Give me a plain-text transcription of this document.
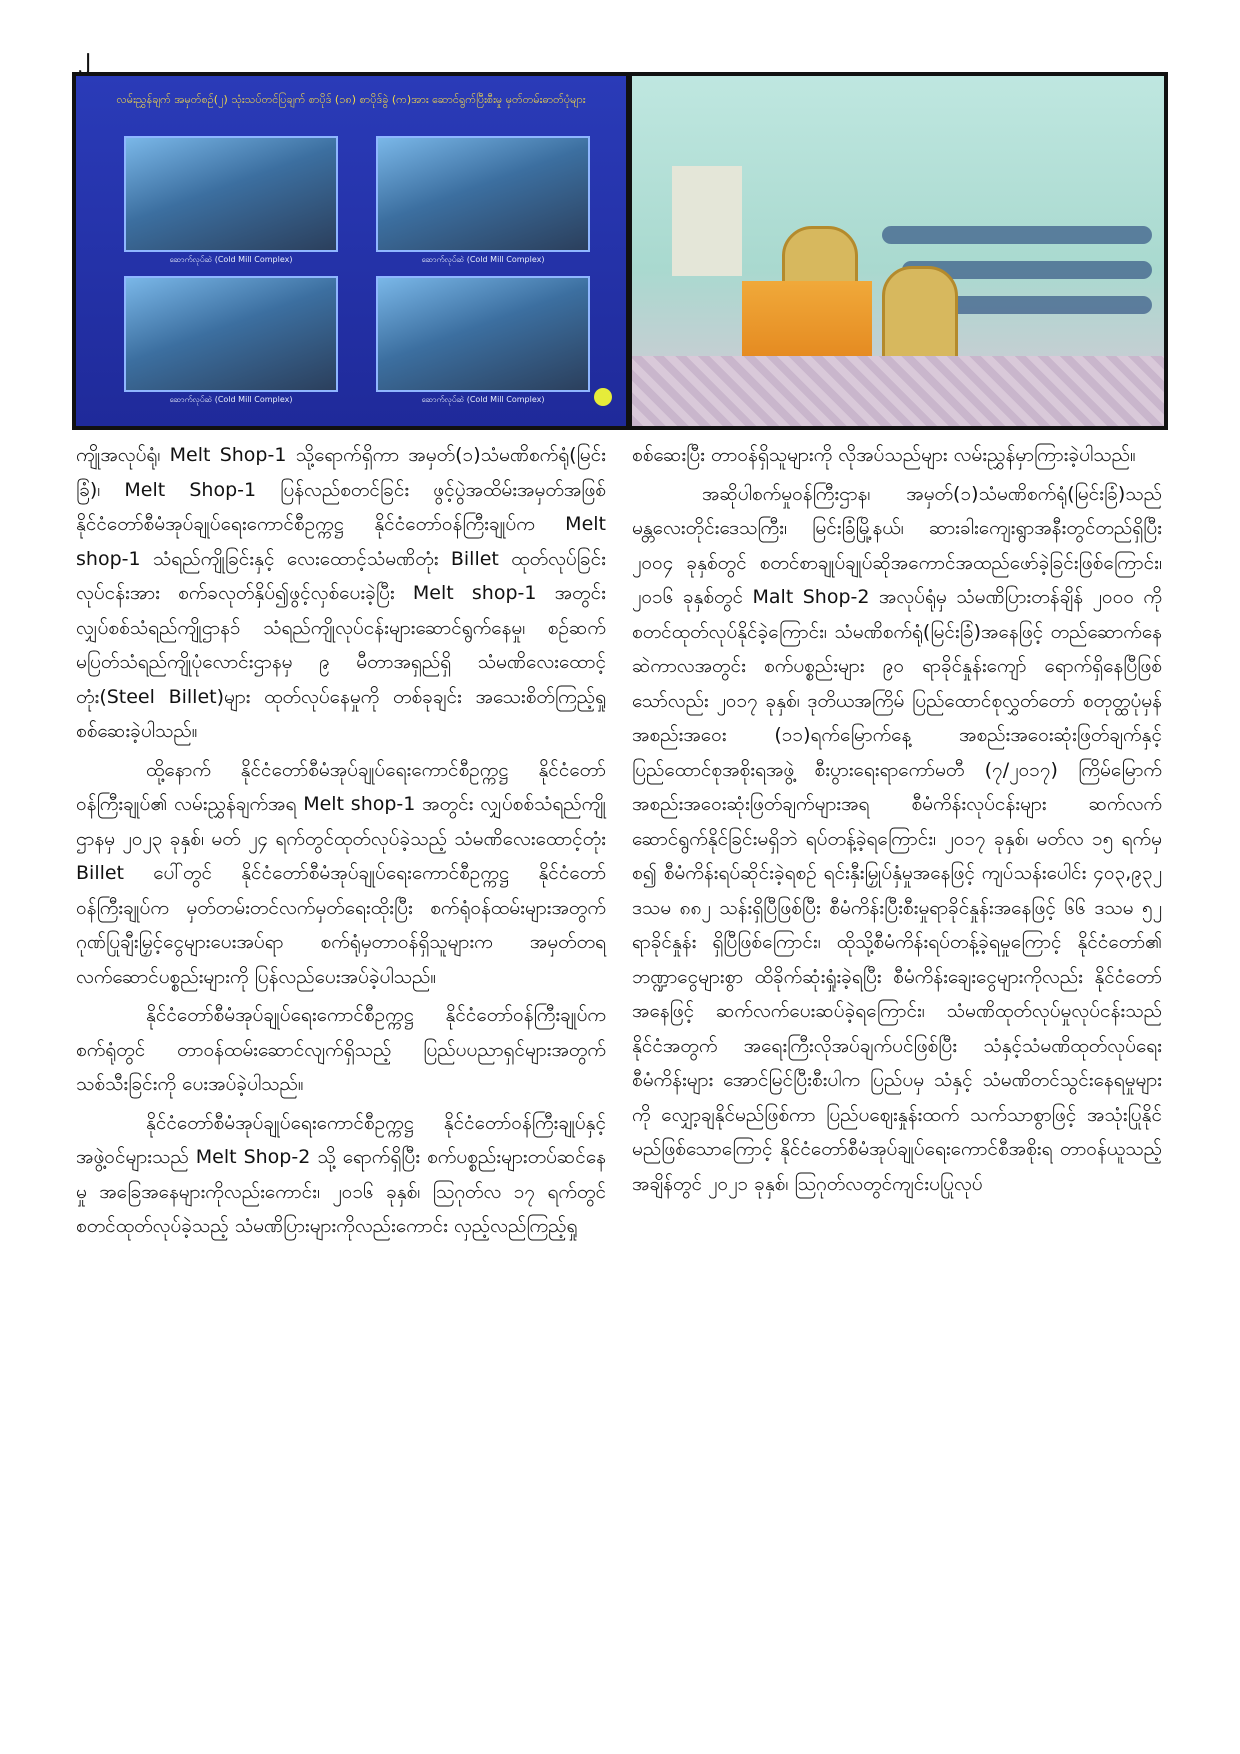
၂
လမ်းညွှန်ချက် အမှတ်စဉ်(၂) သုံးသပ်တင်ပြချက် စာပိုဒ် (၁၈) စာပိုဒ်ခွဲ (က)အား ဆောင်ရွက်ပြီးစီးမှု မှတ်တမ်းဓာတ်ပုံများ
ဆောက်လုပ်ဆဲ (Cold Mill Complex)	ဆောက်လုပ်ဆဲ (Cold Mill Complex)
ဆောက်လုပ်ဆဲ (Cold Mill Complex)	ဆောက်လုပ်ဆဲ (Cold Mill Complex)

ကျိုအလုပ်ရုံ၊ Melt Shop-1 သို့ရောက်ရှိကာ အမှတ်(၁)သံမဏိစက်ရုံ(မြင်းခြံ)၊ Melt Shop-1 ပြန်လည်စတင်ခြင်း ဖွင့်ပွဲအထိမ်းအမှတ်အဖြစ် နိုင်ငံတော်စီမံအုပ်ချုပ်ရေးကောင်စီဥက္ကဋ္ဌ နိုင်ငံတော်ဝန်ကြီးချုပ်က Melt shop-1 သံရည်ကျိုခြင်းနှင့် လေးထောင့်သံမဏိတုံး Billet ထုတ်လုပ်ခြင်းလုပ်ငန်းအား စက်ခလုတ်နှိပ်၍ဖွင့်လှစ်ပေးခဲ့ပြီး Melt shop-1 အတွင်း လျှပ်စစ်သံရည်ကျိုဌာနၥ် သံရည်ကျိုလုပ်ငန်းများဆောင်ရွက်နေမှု၊ စဉ်ဆက်မပြတ်သံရည်ကျိုပုံလောင်းဌာနမှ ၉ မီတာအရှည်ရှိ သံမဏိလေးထောင့်တုံး(Steel Billet)များ ထုတ်လုပ်နေမှုကို တစ်ခုချင်း အသေးစိတ်ကြည့်ရှုစစ်ဆေးခဲ့ပါသည်။

ထို့နောက် နိုင်ငံတော်စီမံအုပ်ချုပ်ရေးကောင်စီဥက္ကဋ္ဌ နိုင်ငံတော်ဝန်ကြီးချုပ်၏ လမ်းညွှန်ချက်အရ Melt shop-1 အတွင်း လျှပ်စစ်သံရည်ကျိုဌာနမှ ၂၀၂၃ ခုနှစ်၊ မတ် ၂၄ ရက်တွင်ထုတ်လုပ်ခဲ့သည့် သံမဏိလေးထောင့်တုံး Billet ပေါ်တွင် နိုင်ငံတော်စီမံအုပ်ချုပ်ရေးကောင်စီဥက္ကဋ္ဌ နိုင်ငံတော်ဝန်ကြီးချုပ်က မှတ်တမ်းတင်လက်မှတ်ရေးထိုးပြီး စက်ရုံဝန်ထမ်းများအတွက် ဂုဏ်ပြုချီးမြှင့်ငွေများပေးအပ်ရာ စက်ရုံမှတာဝန်ရှိသူများက အမှတ်တရလက်ဆောင်ပစ္စည်းများကို ပြန်လည်ပေးအပ်ခဲ့ပါသည်။

နိုင်ငံတော်စီမံအုပ်ချုပ်ရေးကောင်စီဥက္ကဋ္ဌ နိုင်ငံတော်ဝန်ကြီးချုပ်က စက်ရုံတွင် တာဝန်ထမ်းဆောင်လျက်ရှိသည့် ပြည်ပပညာရှင်များအတွက် သစ်သီးခြင်းကို ပေးအပ်ခဲ့ပါသည်။

နိုင်ငံတော်စီမံအုပ်ချုပ်ရေးကောင်စီဥက္ကဋ္ဌ နိုင်ငံတော်ဝန်ကြီးချုပ်နှင့်အဖွဲ့ဝင်များသည် Melt Shop-2 သို့ ရောက်ရှိပြီး စက်ပစ္စည်းများတပ်ဆင်နေမှု အခြေအနေများကိုလည်းကောင်း၊ ၂၀၁၆ ခုနှစ်၊ ဩဂုတ်လ ၁၇ ရက်တွင် စတင်ထုတ်လုပ်ခဲ့သည့် သံမဏိပြားများကိုလည်းကောင်း လှည့်လည်ကြည့်ရှု

စစ်ဆေးပြီး တာဝန်ရှိသူများကို လိုအပ်သည်များ လမ်းညွှန်မှာကြားခဲ့ပါသည်။

အဆိုပါစက်မှုဝန်ကြီးဌာန၊ အမှတ်(၁)သံမဏိစက်ရုံ(မြင်းခြံ)သည် မန္တလေးတိုင်းဒေသကြီး၊ မြင်းခြံမြို့နယ်၊ ဆားခါးကျေးရွာအနီးတွင်တည်ရှိပြီး ၂၀၀၄ ခုနှစ်တွင် စတင်စာချုပ်ချုပ်ဆိုအကောင်အထည်ဖော်ခဲ့ခြင်းဖြစ်ကြောင်း၊ ၂၀၁၆ ခုနှစ်တွင် Malt Shop-2 အလုပ်ရုံမှ သံမဏိပြားတန်ချိန် ၂၀၀၀ ကို စတင်ထုတ်လုပ်နိုင်ခဲ့ကြောင်း၊ သံမဏိစက်ရုံ(မြင်းခြံ)အနေဖြင့် တည်ဆောက်နေဆဲကာလအတွင်း စက်ပစ္စည်းများ ၉၀ ရာခိုင်နှုန်းကျော် ရောက်ရှိနေပြီဖြစ်သော်လည်း ၂၀၁၇ ခုနှစ်၊ ဒုတိယအကြိမ် ပြည်ထောင်စုလွှတ်တော် စတုတ္ထပုံမှန်အစည်းအဝေး (၁၁)ရက်မြောက်နေ့ အစည်းအဝေးဆုံးဖြတ်ချက်နှင့် ပြည်ထောင်စုအစိုးရအဖွဲ့ စီးပွားရေးရာကော်မတီ (၇/၂၀၁၇) ကြိမ်မြောက် အစည်းအဝေးဆုံးဖြတ်ချက်များအရ စီမံကိန်းလုပ်ငန်းများ ဆက်လက်ဆောင်ရွက်နိုင်ခြင်းမရှိဘဲ ရပ်တန့်ခဲ့ရကြောင်း၊ ၂၀၁၇ ခုနှစ်၊ မတ်လ ၁၅ ရက်မှစ၍ စီမံကိန်းရပ်ဆိုင်းခဲ့ရစဉ် ရင်းနှီးမြှုပ်နှံမှုအနေဖြင့် ကျပ်သန်းပေါင်း ၄၀၃,၉၃၂ ဒသမ ၈၈၂ သန်းရှိပြီဖြစ်ပြီး စီမံကိန်းပြီးစီးမှုရာခိုင်နှုန်းအနေဖြင့် ၆၆ ဒသမ ၅၂ ရာခိုင်နှုန်း ရှိပြီဖြစ်ကြောင်း၊ ထိုသို့စီမံကိန်းရပ်တန့်ခဲ့ရမှုကြောင့် နိုင်ငံတော်၏ ဘဏ္ဍာငွေများစွာ ထိခိုက်ဆုံးရှုံးခဲ့ရပြီး စီမံကိန်းချေးငွေများကိုလည်း နိုင်ငံတော်အနေဖြင့် ဆက်လက်ပေးဆပ်ခဲ့ရကြောင်း၊ သံမဏိထုတ်လုပ်မှုလုပ်ငန်းသည် နိုင်ငံအတွက် အရေးကြီးလိုအပ်ချက်ပင်ဖြစ်ပြီး သံနှင့်သံမဏိထုတ်လုပ်ရေးစီမံကိန်းများ အောင်မြင်ပြီးစီးပါက ပြည်ပမှ သံနှင့် သံမဏိတင်သွင်းနေရမှုများကို လျှော့ချနိုင်မည်ဖြစ်ကာ ပြည်ပဈေးနှုန်းထက် သက်သာစွာဖြင့် အသုံးပြုနိုင်မည်ဖြစ်သောကြောင့် နိုင်ငံတော်စီမံအုပ်ချုပ်ရေးကောင်စီအစိုးရ တာဝန်ယူသည့်အချိန်တွင် ၂၀၂၁ ခုနှစ်၊ ဩဂုတ်လတွင်ကျင်းပပြုလုပ်
